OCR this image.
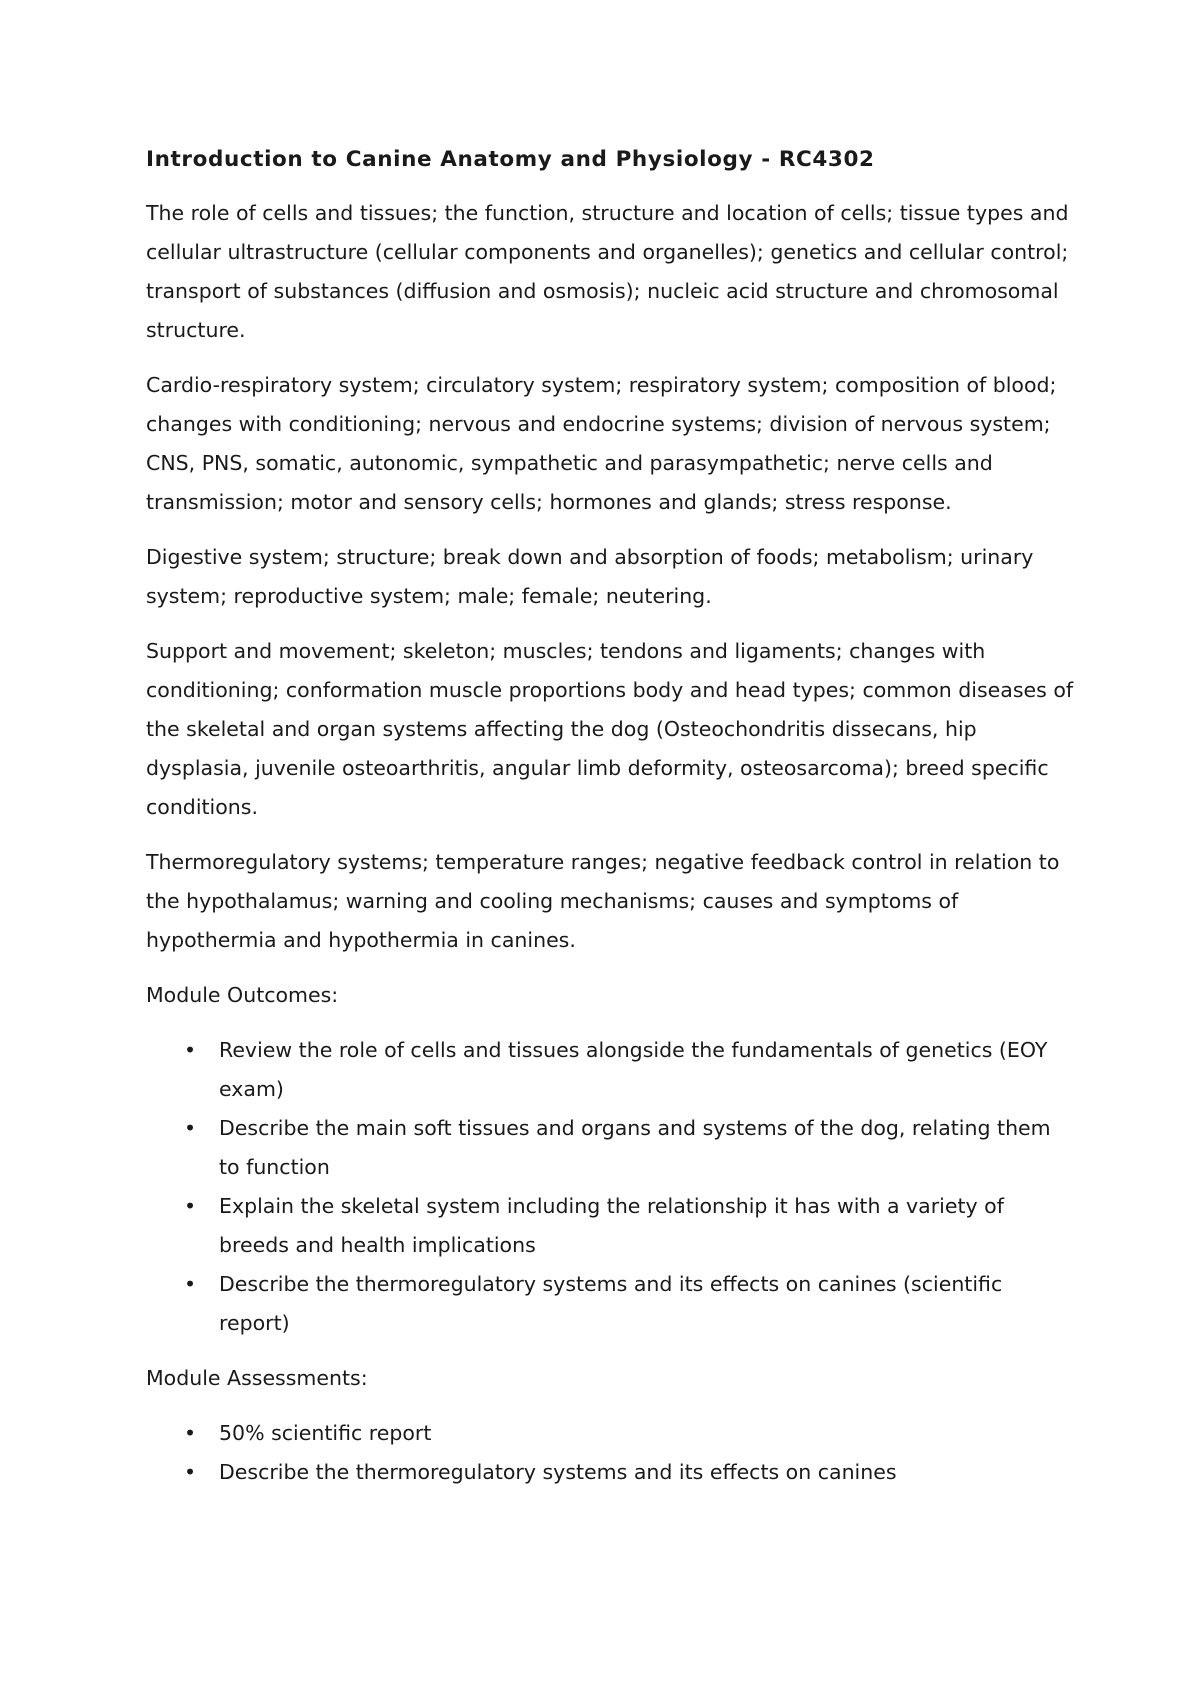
Introduction to Canine Anatomy and Physiology - RC4302

The role of cells and tissues; the function, structure and location of cells; tissue types and cellular ultrastructure (cellular components and organelles); genetics and cellular control; transport of substances (diffusion and osmosis); nucleic acid structure and chromosomal structure.

Cardio-respiratory system; circulatory system; respiratory system; composition of blood; changes with conditioning; nervous and endocrine systems; division of nervous system; CNS, PNS, somatic, autonomic, sympathetic and parasympathetic; nerve cells and transmission; motor and sensory cells; hormones and glands; stress response.

Digestive system; structure; break down and absorption of foods; metabolism; urinary system; reproductive system; male; female; neutering.

Support and movement; skeleton; muscles; tendons and ligaments; changes with conditioning; conformation muscle proportions body and head types; common diseases of the skeletal and organ systems affecting the dog (Osteochondritis dissecans, hip dysplasia, juvenile osteoarthritis, angular limb deformity, osteosarcoma); breed specific conditions.

Thermoregulatory systems; temperature ranges; negative feedback control in relation to the hypothalamus; warning and cooling mechanisms; causes and symptoms of hypothermia and hypothermia in canines.

Module Outcomes:

• Review the role of cells and tissues alongside the fundamentals of genetics (EOY exam)
• Describe the main soft tissues and organs and systems of the dog, relating them to function
• Explain the skeletal system including the relationship it has with a variety of breeds and health implications
• Describe the thermoregulatory systems and its effects on canines (scientific report)

Module Assessments:

• 50% scientific report
• Describe the thermoregulatory systems and its effects on canines
